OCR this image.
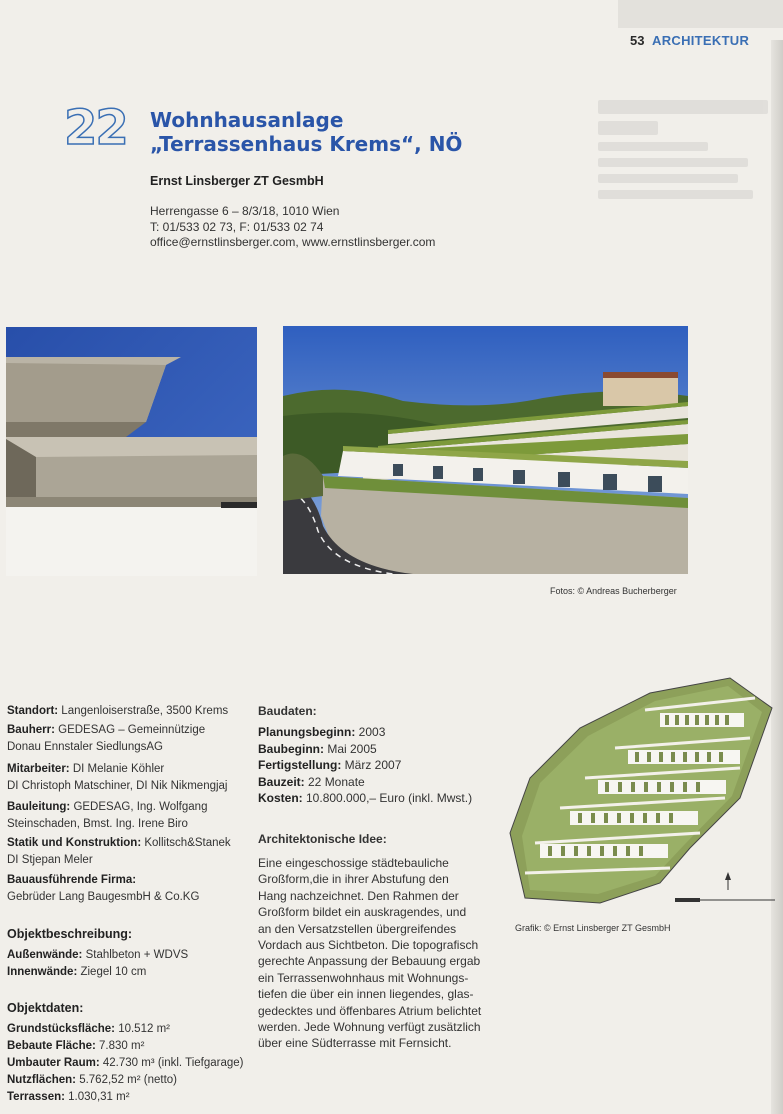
53 ARCHITEKTUR
22 Wohnhausanlage
„Terrassenhaus Krems“, NÖ
Ernst Linsberger ZT GesmbH
Herrengasse 6 – 8/3/18, 1010 Wien
T: 01/533 02 73, F: 01/533 02 74
office@ernstlinsberger.com, www.ernstlinsberger.com
Fotos: © Andreas Bucherberger
Standort: Langenloiserstraße, 3500 Krems
Bauherr: GEDESAG – Gemeinnützige
Donau Ennstaler SiedlungsAG
Mitarbeiter: DI Melanie Köhler
DI Christoph Matschiner, DI Nik Nikmengjaj
Bauleitung: GEDESAG, Ing. Wolfgang
Steinschaden, Bmst. Ing. Irene Biro
Statik und Konstruktion: Kollitsch&Stanek
DI Stjepan Meler
Bauausführende Firma:
Gebrüder Lang BaugesmbH & Co.KG
Objektbeschreibung:
Außenwände: Stahlbeton + WDVS
Innenwände: Ziegel 10 cm
Objektdaten:
Grundstücksfläche: 10.512 m²
Bebaute Fläche: 7.830 m²
Umbauter Raum: 42.730 m³ (inkl. Tiefgarage)
Nutzflächen: 5.762,52 m² (netto)
Terrassen: 1.030,31 m²
Baudaten:
Planungsbeginn: 2003
Baubeginn: Mai 2005
Fertigstellung: März 2007
Bauzeit: 22 Monate
Kosten: 10.800.000,– Euro (inkl. Mwst.)
Architektonische Idee:
Eine eingeschossige städtebauliche
Großform,die in ihrer Abstufung den
Hang nachzeichnet. Den Rahmen der
Großform bildet ein auskragendes, und
an den Versatzstellen übergreifendes
Vordach aus Sichtbeton. Die topografisch
gerechte Anpassung der Bebauung ergab
ein Terrassenwohnhaus mit Wohnungs-
tiefen die über ein innen liegendes, glas-
gedecktes und öffenbares Atrium belichtet
werden. Jede Wohnung verfügt zusätzlich
über eine Südterrasse mit Fernsicht.
Grafik: © Ernst Linsberger ZT GesmbH
